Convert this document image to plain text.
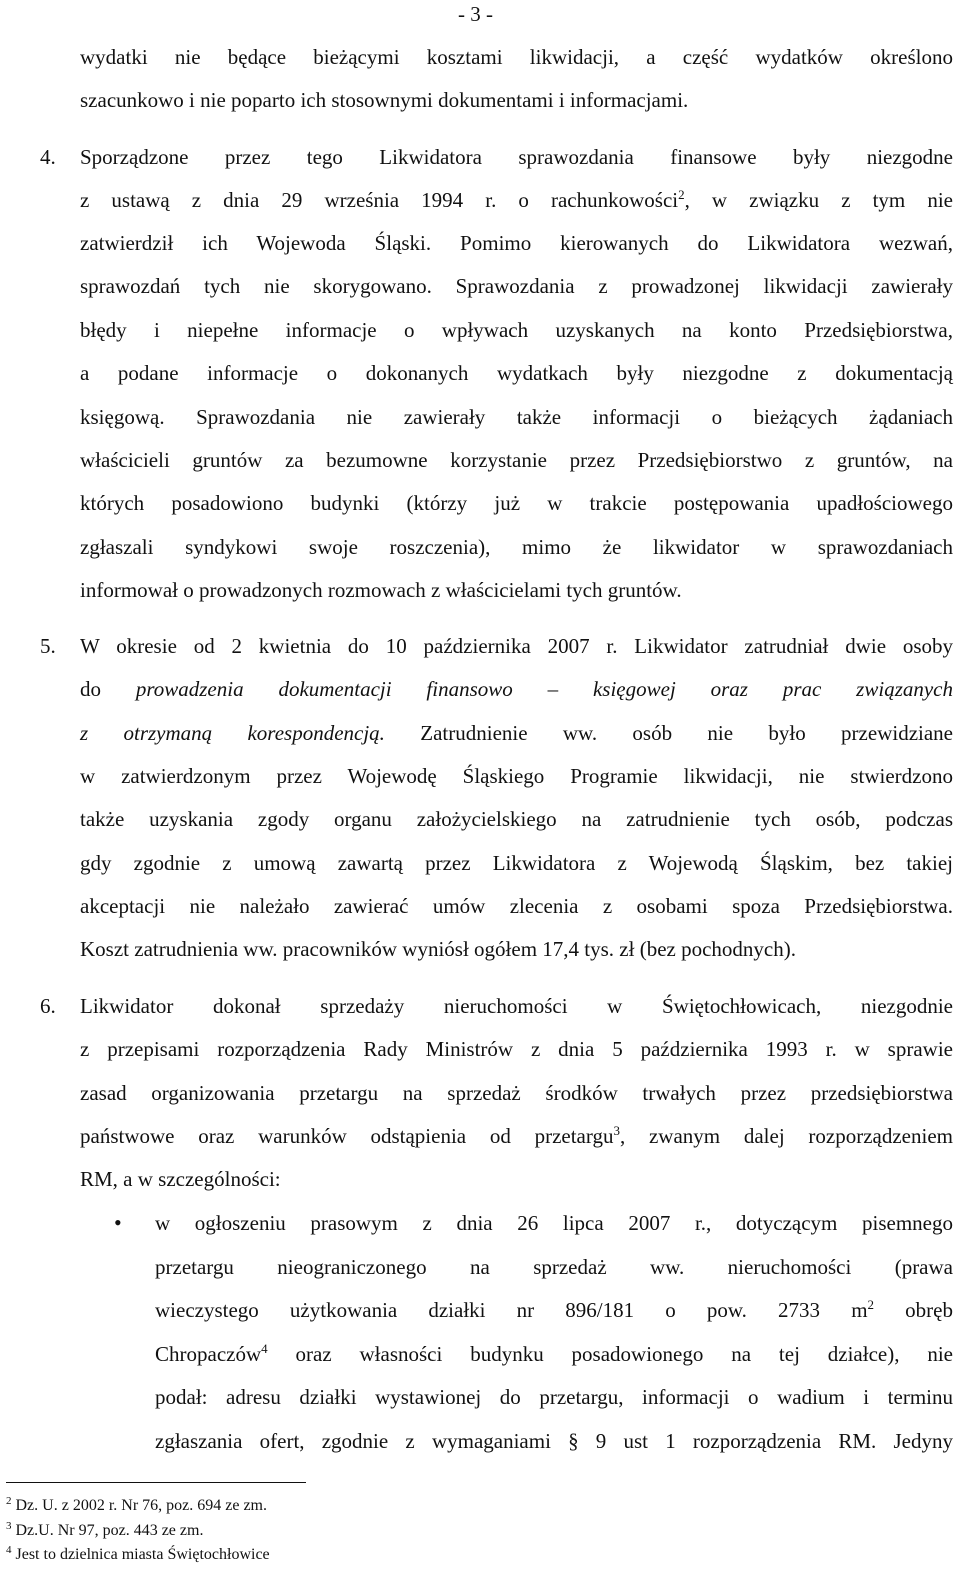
- 3 -
wydatki nie będące bieżącymi kosztami likwidacji, a część wydatków określono
szacunkowo i nie poparto ich stosownymi dokumentami i informacjami.
4. Sporządzone przez tego Likwidatora sprawozdania finansowe były niezgodne
z ustawą z dnia 29 września 1994 r. o rachunkowości$^2$, w związku z tym nie
zatwierdził ich Wojewoda Śląski. Pomimo kierowanych do Likwidatora wezwań,
sprawozdań tych nie skorygowano. Sprawozdania z prowadzonej likwidacji zawierały
błędy i niepełne informacje o wpływach uzyskanych na konto Przedsiębiorstwa,
a podane informacje o dokonanych wydatkach były niezgodne z dokumentacją
księgową. Sprawozdania nie zawierały także informacji o bieżących żądaniach
właścicieli gruntów za bezumowne korzystanie przez Przedsiębiorstwo z gruntów, na
których posadowiono budynki (którzy już w trakcie postępowania upadłościowego
zgłaszali syndykowi swoje roszczenia), mimo że likwidator w sprawozdaniach
informował o prowadzonych rozmowach z właścicielami tych gruntów.
5. W okresie od 2 kwietnia do 10 października 2007 r. Likwidator zatrudniał dwie osoby
do prowadzenia dokumentacji finansowo – księgowej oraz prac związanych
z otrzymaną korespondencją. Zatrudnienie ww. osób nie było przewidziane
w zatwierdzonym przez Wojewodę Śląskiego Programie likwidacji, nie stwierdzono
także uzyskania zgody organu założycielskiego na zatrudnienie tych osób, podczas
gdy zgodnie z umową zawartą przez Likwidatora z Wojewodą Śląskim, bez takiej
akceptacji nie należało zawierać umów zlecenia z osobami spoza Przedsiębiorstwa.
Koszt zatrudnienia ww. pracowników wyniósł ogółem 17,4 tys. zł (bez pochodnych).
6. Likwidator dokonał sprzedaży nieruchomości w Świętochłowicach, niezgodnie
z przepisami rozporządzenia Rady Ministrów z dnia 5 października 1993 r. w sprawie
zasad organizowania przetargu na sprzedaż środków trwałych przez przedsiębiorstwa
państwowe oraz warunków odstąpienia od przetargu$^3$, zwanym dalej rozporządzeniem
RM, a w szczególności:
• w ogłoszeniu prasowym z dnia 26 lipca 2007 r., dotyczącym pisemnego
przetargu nieograniczonego na sprzedaż ww. nieruchomości (prawa
wieczystego użytkowania działki nr 896/181 o pow. 2733 $m^2$ obręb
Chropaczów$^4$ oraz własności budynku posadowionego na tej działce), nie
podał: adresu działki wystawionej do przetargu, informacji o wadium i terminu
zgłaszania ofert, zgodnie z wymaganiami § 9 ust 1 rozporządzenia RM. Jedyny
$^2$ Dz. U. z 2002 r. Nr 76, poz. 694 ze zm.
$^3$ Dz.U. Nr 97, poz. 443 ze zm.
$^4$ Jest to dzielnica miasta Świętochłowice
